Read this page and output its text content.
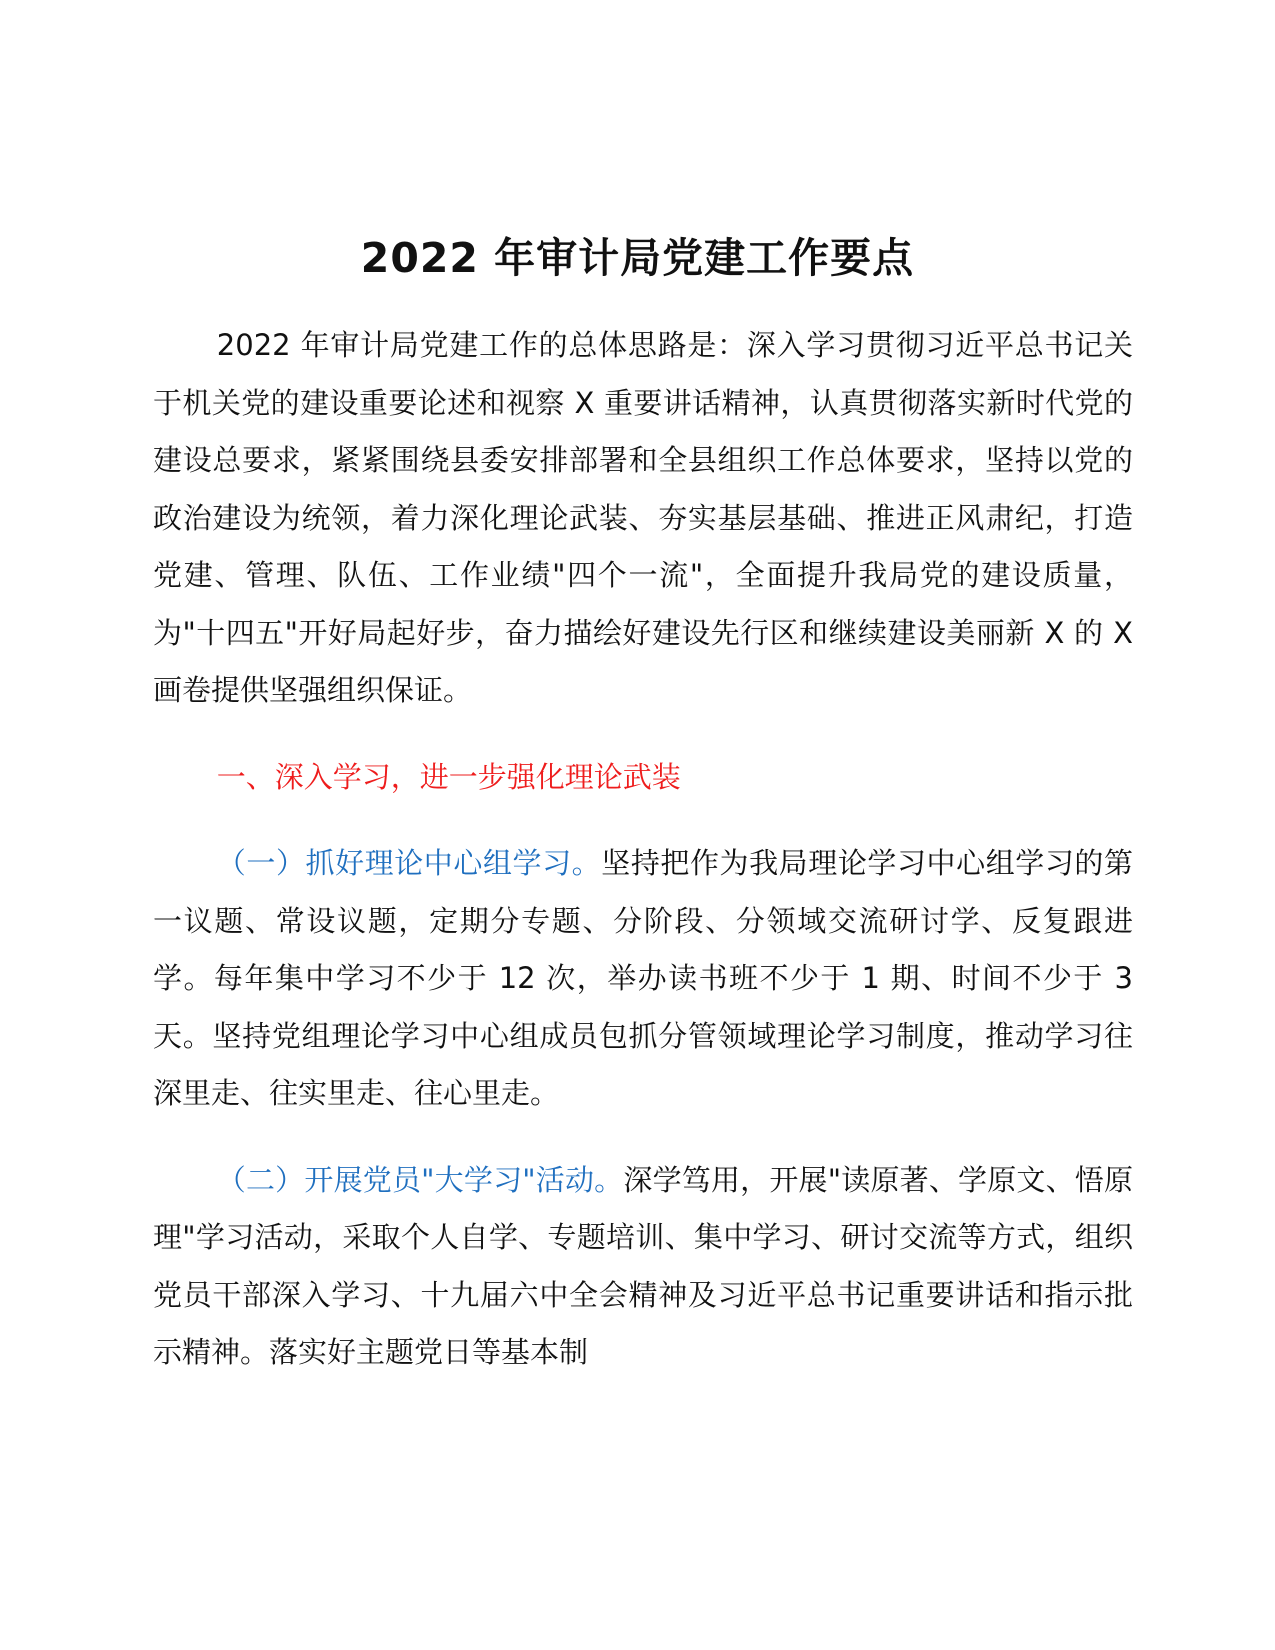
2022 年审计局党建工作要点

2022 年审计局党建工作的总体思路是：深入学习贯彻习近平总书记关于机关党的建设重要论述和视察 X 重要讲话精神，认真贯彻落实新时代党的建设总要求，紧紧围绕县委安排部署和全县组织工作总体要求，坚持以党的政治建设为统领，着力深化理论武装、夯实基层基础、推进正风肃纪，打造党建、管理、队伍、工作业绩"四个一流"，全面提升我局党的建设质量，为"十四五"开好局起好步，奋力描绘好建设先行区和继续建设美丽新 X 的 X 画卷提供坚强组织保证。

一、深入学习，进一步强化理论武装

（一）抓好理论中心组学习。坚持把作为我局理论学习中心组学习的第一议题、常设议题，定期分专题、分阶段、分领域交流研讨学、反复跟进学。每年集中学习不少于 12 次，举办读书班不少于 1 期、时间不少于 3 天。坚持党组理论学习中心组成员包抓分管领域理论学习制度，推动学习往深里走、往实里走、往心里走。

（二）开展党员"大学习"活动。深学笃用，开展"读原著、学原文、悟原理"学习活动，采取个人自学、专题培训、集中学习、研讨交流等方式，组织党员干部深入学习、十九届六中全会精神及习近平总书记重要讲话和指示批示精神。落实好主题党日等基本制
